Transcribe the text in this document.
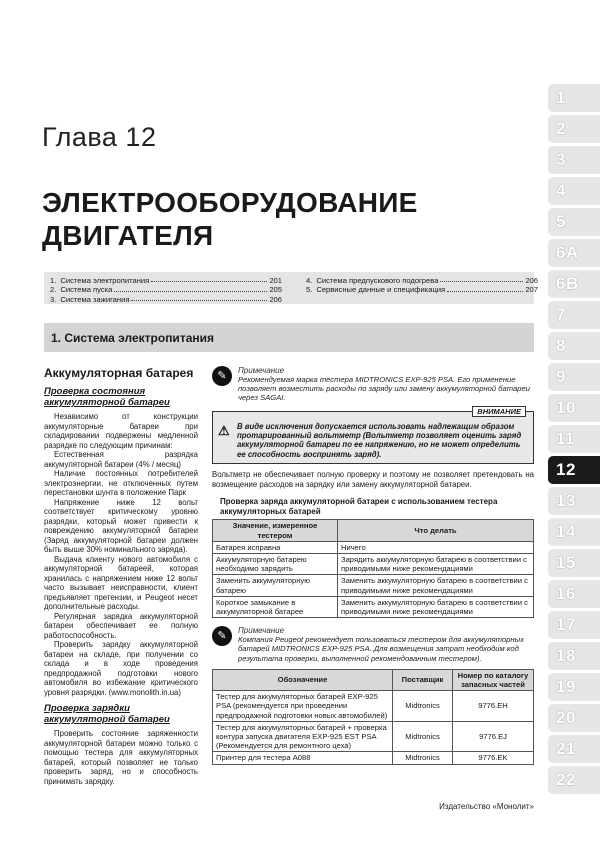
Глава 12
ЭЛЕКТРООБОРУДОВАНИЕ
ДВИГАТЕЛЯ
1. Система электропитания	201
2. Система пуска	205
3. Система зажигания	206
4. Система предпускового подогрева	206
5. Сервисные данные и спецификация	207
1. Система электропитания
Аккумуляторная батарея
Проверка состояния аккумуляторной батареи

Независимо от конструкции аккумуляторные батареи при складировании подвержены медленной разрядке по следующим причинам:

Естественная разрядка аккумуляторной батареи (4% / месяц)

Наличие постоянных потребителей электроэнергии, не отключенных путем перестановки шунта в положение Парк

Напряжение ниже 12 вольт соответствует критическому уровню разрядки, который может привести к повреждению аккумуляторной батареи (Заряд аккумуляторной батареи должен быть выше 30% номинального заряда).

Выдача клиенту нового автомобиля с аккумуляторной батареей, которая хранилась с напряжением ниже 12 вольт часто вызывает неисправности, клиент предъявляет претензии, и Peugeot несет дополнительные расходы.

Регулярная зарядка аккумуляторной батареи обеспечивает ее полную работоспособность.

Проверить зарядку аккумуляторной батареи на складе, при получении со склада и в ходе проведения предпродажной подготовки нового автомобиля во избежание критического уровня разрядки. (www.monolith.in.ua)

Проверка зарядки аккумуляторной батареи

Проверить состояние заряженности аккумуляторной батареи можно только с помощью тестера для аккумуляторных батарей, который позволяет не только проверить заряд, но и способность принимать зарядку.

✎	Примечание
Рекомендуемая марка тестера MIDTRONICS EXP-925 PSA. Его применение позволяет возместить расходы по заряду или замену аккумуляторной батареи через SAGAI.
В виде исключения допускается использовать надлежащим образом протарированный вольтметр (Вольтметр позволяет оценить заряд аккумуляторной батареи по ее напряжению, но не может определить ее способность воспринять заряд).
ВНИМАНИЕ
⚠
Вольтметр не обеспечивает полную проверку и поэтому не позволяет претендовать на возмещение расходов на зарядку или замену аккумуляторной батареи.
Проверка заряда аккумуляторной батареи с использованием тестера аккумуляторных батарей
Значение, измеренное тестером	Что делать
Батарея исправна	Ничего
Аккумуляторную батарею необходимо зарядить	Зарядить аккумуляторную батарею в соответствии с приводимыми ниже рекомендациями
Заменить аккумуляторную батарею	Заменить аккумуляторную батарею в соответствии с приводимыми ниже рекомендациями
Короткое замыкание в аккумуляторной батарее	Заменить аккумуляторную батарею в соответствии с приводимыми ниже рекомендациями
✎	Примечание
Компания Peugeot рекомендует пользоваться тестером для аккумуляторных батарей MIDTRONICS EXP-925 PSA. Для возмещения затрат необходим код результата проверки, выполненной рекомендованным тестером).
Обозначение	Поставщик	Номер по каталогу запасных частей
Тестер для аккумуляторных батарей EXP-925 PSA (рекомендуется при проведении предпродажной подготовки новых автомобилей)	Midtronics	9776.EH
Тестер для аккумуляторных батарей + проверка контура запуска двигателя EXP-925 EST PSA (Рекомендуется для ремонтного цеха)	Midtronics	9776.EJ
Принтер для тестера А088	Midtronics	9776.EK
1
2
3
4
5
6A
6B
7
8
9
10
11
12
13
14
15
16
17
18
19
20
21
22
Издательство «Монолит»
